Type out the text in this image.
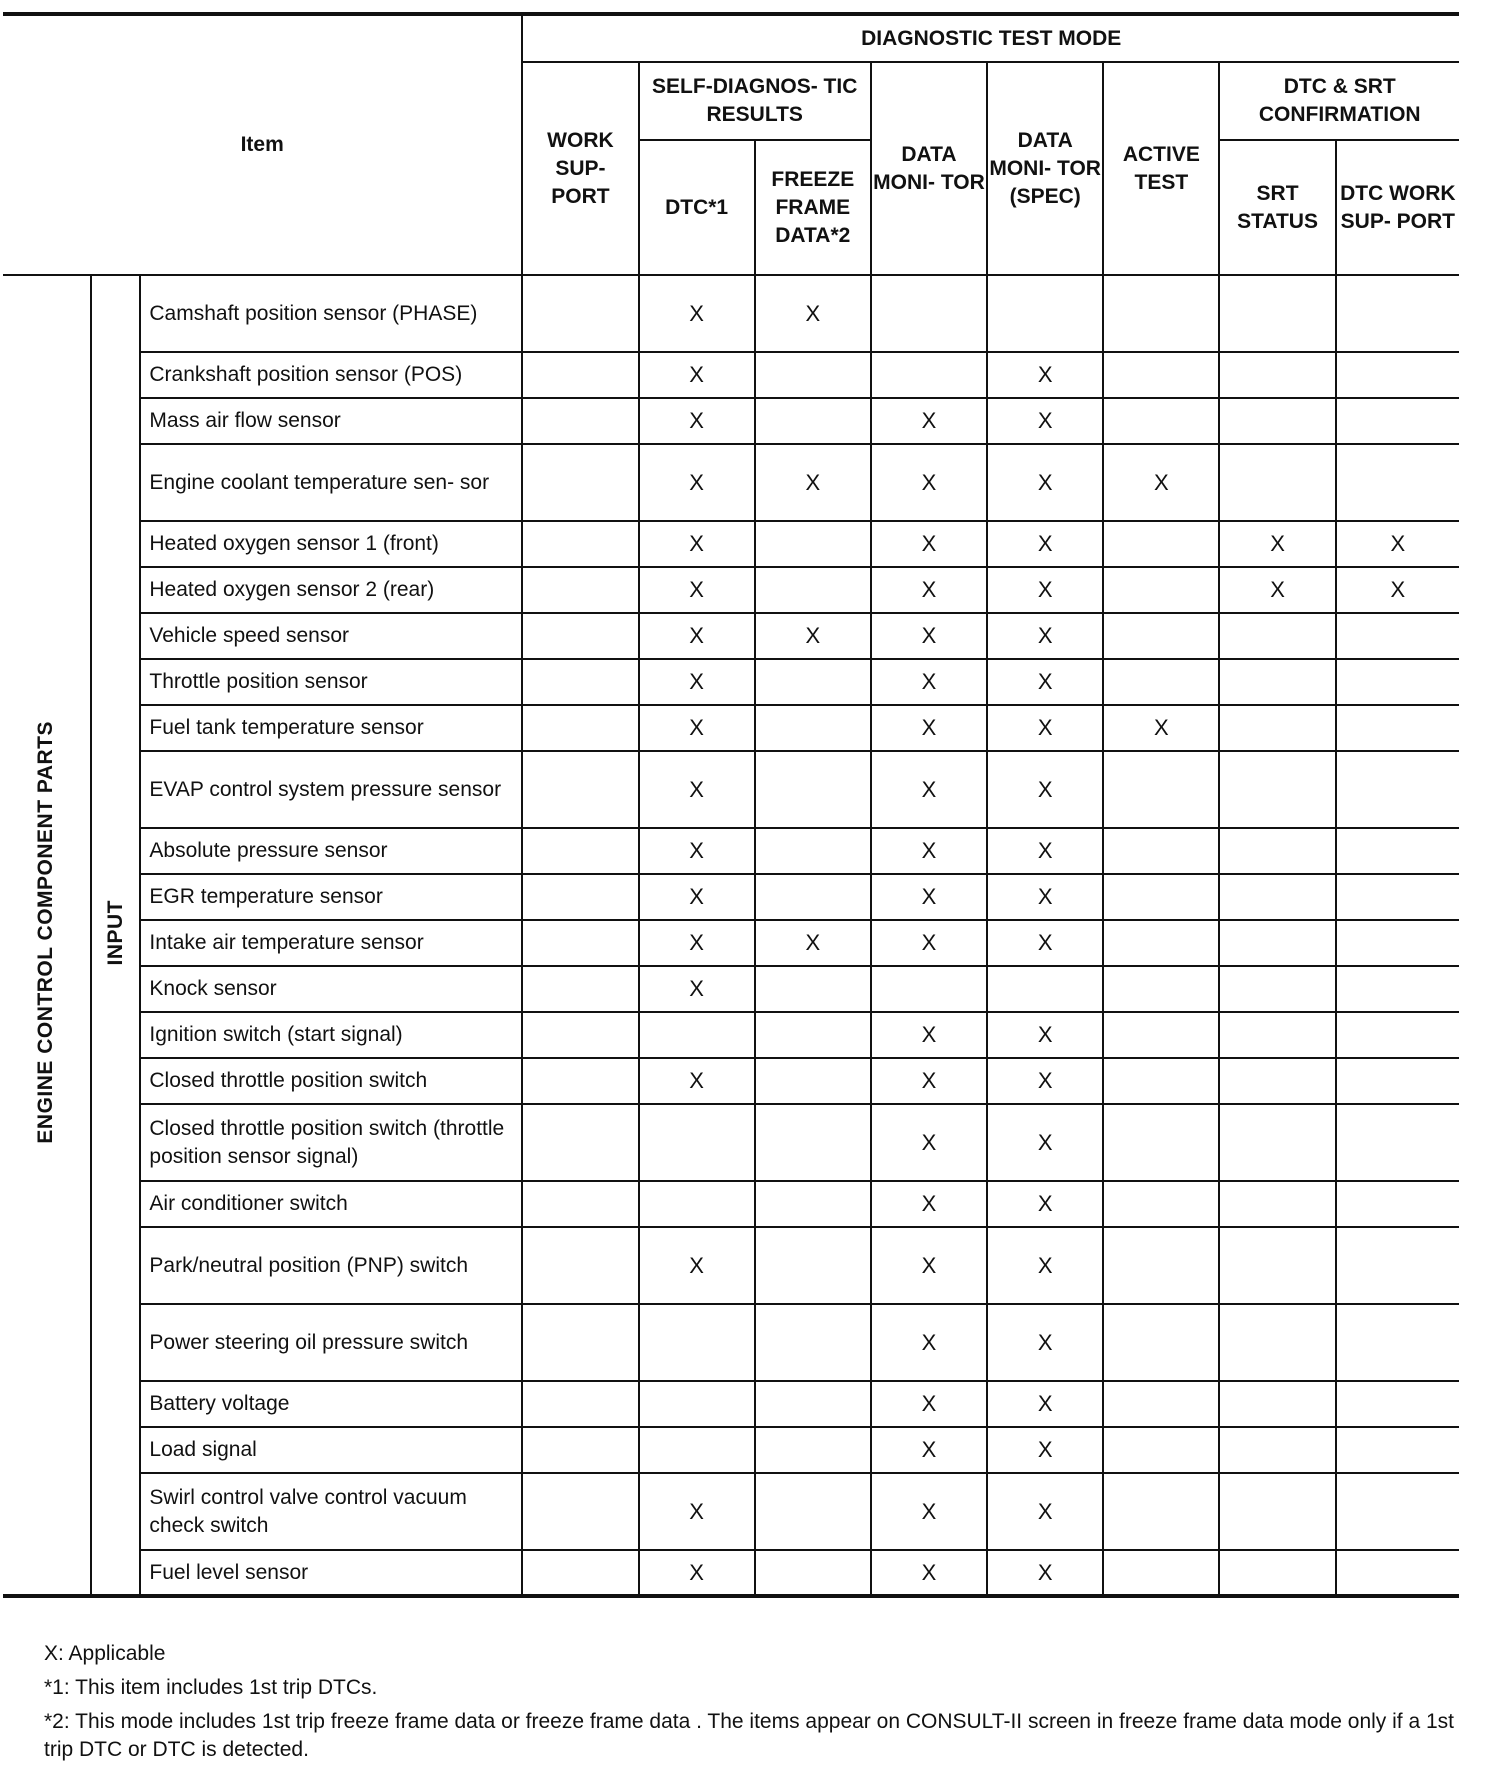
Item			DIAGNOSTIC TEST MODE							
			WORK SUP- PORT	SELF-DIAGNOS- TIC RESULTS		DATA MONI- TOR	DATA MONI- TOR (SPEC)	ACTIVE TEST	DTC & SRT CONFIRMATION	
				DTC*1	FREEZE FRAME DATA*2				SRT STATUS	DTC WORK SUP- PORT
ENGINE CONTROL COMPONENT PARTS	INPUT	Camshaft position sensor (PHASE)		X	X					
		Crankshaft position sensor (POS)		X			X			
		Mass air flow sensor		X		X	X			
		Engine coolant temperature sen- sor		X	X	X	X	X		
		Heated oxygen sensor 1 (front)		X		X	X		X	X
		Heated oxygen sensor 2 (rear)		X		X	X		X	X
		Vehicle speed sensor		X	X	X	X			
		Throttle position sensor		X		X	X			
		Fuel tank temperature sensor		X		X	X	X		
		EVAP control system pressure sensor		X		X	X			
		Absolute pressure sensor		X		X	X			
		EGR temperature sensor		X		X	X			
		Intake air temperature sensor		X	X	X	X			
		Knock sensor		X						
		Ignition switch (start signal)				X	X			
		Closed throttle position switch		X		X	X			
		Closed throttle position switch (throttle position sensor signal)				X	X			
		Air conditioner switch				X	X			
		Park/neutral position (PNP) switch		X		X	X			
		Power steering oil pressure switch				X	X			
		Battery voltage				X	X			
		Load signal				X	X			
		Swirl control valve control vacuum check switch		X		X	X			
		Fuel level sensor		X		X	X			

X: Applicable

*1: This item includes 1st trip DTCs.

*2: This mode includes 1st trip freeze frame data or freeze frame data . The items appear on CONSULT-II screen in freeze frame data mode only if a 1st trip DTC or DTC is detected.
